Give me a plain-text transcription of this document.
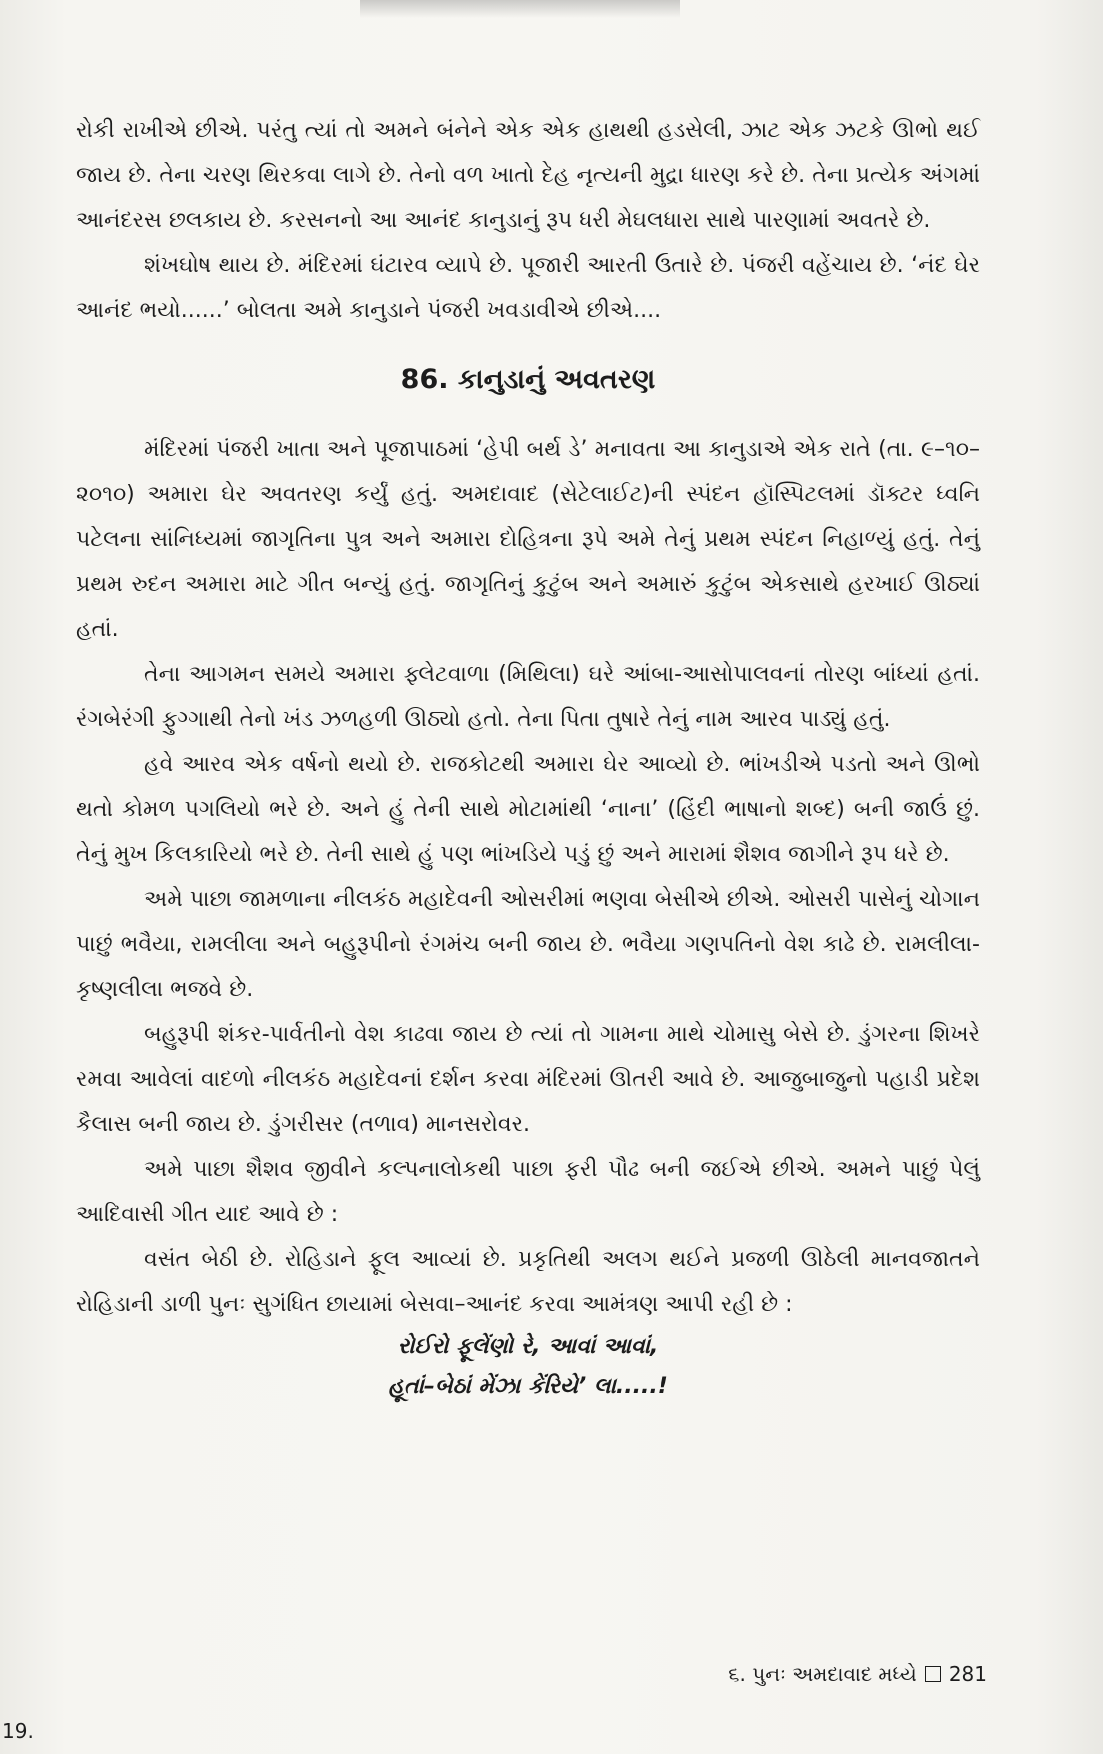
રોકી રાખીએ છીએ. પરંતુ ત્યાં તો અમને બંનેને એક એક હાથથી હડસેલી, ઝાટ એક ઝટકે ઊભો થઈ જાય છે. તેના ચરણ થિરકવા લાગે છે. તેનો વળ ખાતો દેહ નૃત્યની મુદ્રા ધારણ કરે છે. તેના પ્રત્યેક અંગમાં આનંદરસ છલકાય છે. કરસનનો આ આનંદ કાનુડાનું રૂપ ધરી મેઘલધારા સાથે પારણામાં અવતરે છે.

શંખઘોષ થાય છે. મંદિરમાં ઘંટારવ વ્યાપે છે. પૂજારી આરતી ઉતારે છે. પંજરી વહેંચાય છે. ‘નંદ ઘેર આનંદ ભયો......’ બોલતા અમે કાનુડાને પંજરી ખવડાવીએ છીએ....

86. કાનુડાનું અવતરણ

મંદિરમાં પંજરી ખાતા અને પૂજાપાઠમાં ‘હેપી બર્થ ડે’ મનાવતા આ કાનુડાએ એક રાતે (તા. ૯–૧૦–૨૦૧૦) અમારા ઘેર અવતરણ કર્યું હતું. અમદાવાદ (સેટેલાઈટ)ની સ્પંદન હૉસ્પિટલમાં ડૉક્ટર ધ્વનિ પટેલના સાંનિધ્યમાં જાગૃતિના પુત્ર અને અમારા દોહિત્રના રૂપે અમે તેનું પ્રથમ સ્પંદન નિહાળ્યું હતું. તેનું પ્રથમ રુદન અમારા માટે ગીત બન્યું હતું. જાગૃતિનું કુટુંબ અને અમારું કુટુંબ એકસાથે હરખાઈ ઊઠ્યાં હતાં.

તેના આગમન સમયે અમારા ફ્લેટવાળા (મિથિલા) ઘરે આંબા-આસોપાલવનાં તોરણ બાંધ્યાં હતાં. રંગબેરંગી ફુગ્ગાથી તેનો ખંડ ઝળહળી ઊઠ્યો હતો. તેના પિતા તુષારે તેનું નામ આરવ પાડ્યું હતું.

હવે આરવ એક વર્ષનો થયો છે. રાજકોટથી અમારા ઘેર આવ્યો છે. ભાંખડીએ પડતો અને ઊભો થતો કોમળ પગલિયો ભરે છે. અને હું તેની સાથે મોટામાંથી ‘નાના’ (હિંદી ભાષાનો શબ્દ) બની જાઉં છું. તેનું મુખ કિલકારિયો ભરે છે. તેની સાથે હું પણ ભાંખડિયે પડું છું અને મારામાં શૈશવ જાગીને રૂપ ધરે છે.

અમે પાછા જામળાના નીલકંઠ મહાદેવની ઓસરીમાં ભણવા બેસીએ છીએ. ઓસરી પાસેનું ચોગાન પાછું ભવૈયા, રામલીલા અને બહુરૂપીનો રંગમંચ બની જાય છે. ભવૈયા ગણપતિનો વેશ કાઢે છે. રામલીલા-કૃષ્ણલીલા ભજવે છે.

બહુરૂપી શંકર-પાર્વતીનો વેશ કાઢવા જાય છે ત્યાં તો ગામના માથે ચોમાસુ બેસે છે. ડુંગરના શિખરે રમવા આવેલાં વાદળો નીલકંઠ મહાદેવનાં દર્શન કરવા મંદિરમાં ઊતરી આવે છે. આજુબાજુનો પહાડી પ્રદેશ કૈલાસ બની જાય છે. ડુંગરીસર (તળાવ) માનસરોવર.

અમે પાછા શૈશવ જીવીને કલ્પનાલોકથી પાછા ફરી પૌઢ બની જઈએ છીએ. અમને પાછું પેલું આદિવાસી ગીત યાદ આવે છે :

વસંત બેઠી છે. રોહિડાને ફૂલ આવ્યાં છે. પ્રકૃતિથી અલગ થઈને પ્રજળી ઊઠેલી માનવજાતને રોહિડાની ડાળી પુનઃ સુગંધિત છાયામાં બેસવા–આનંદ કરવા આમંત્રણ આપી રહી છે :

રોઈરો ફૂલેંણો રે, આવાં આવાં,

હૂતાં–બેઠાં મેંઝા કેંરિયે’ લા.....!

૬. પુનઃ અમદાવાદ મધ્યે 281
19.
